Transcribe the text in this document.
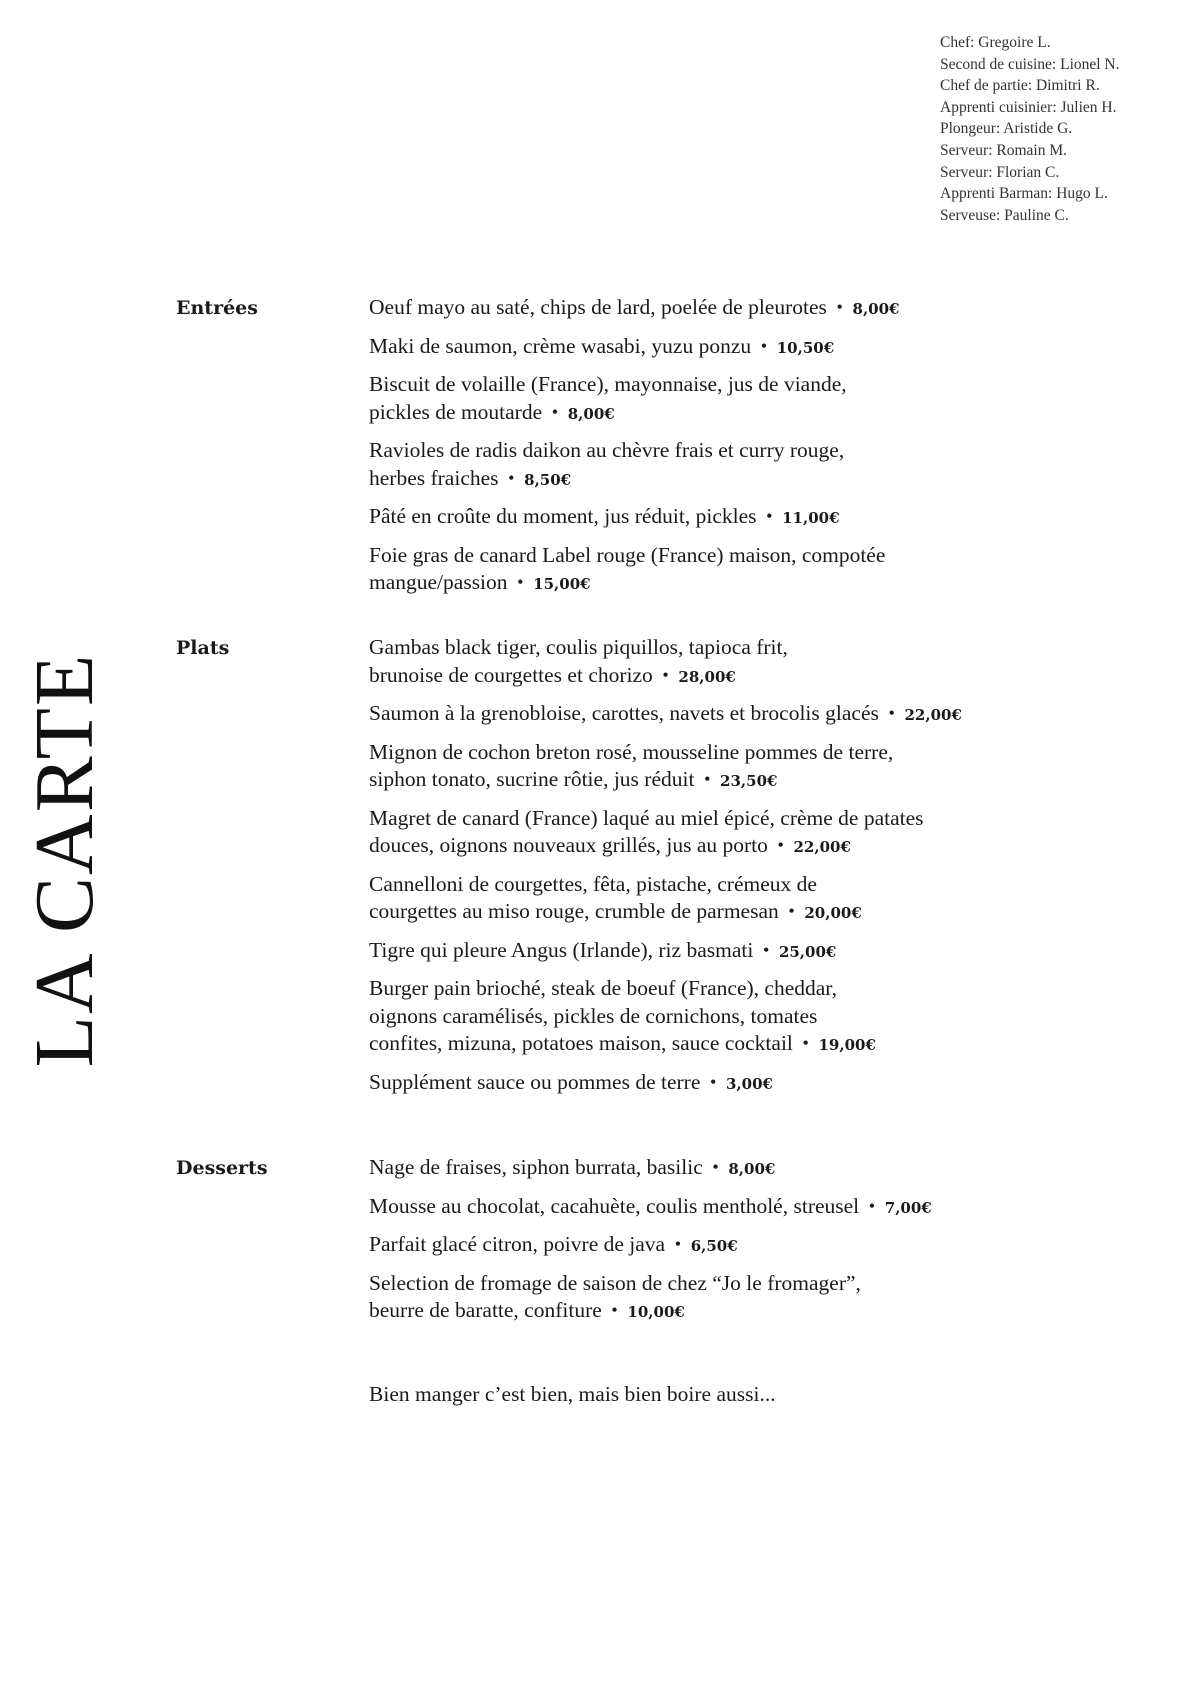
Chef: Gregoire L.
Second de cuisine: Lionel N.
Chef de partie: Dimitri R.
Apprenti cuisinier: Julien H.
Plongeur: Aristide G.
Serveur: Romain M.
Serveur: Florian C.
Apprenti Barman: Hugo L.
Serveuse: Pauline C.
LA CARTE
Entrées	Oeuf mayo au saté, chips de lard, poelée de pleurotes • 8,00€
Maki de saumon, crème wasabi, yuzu ponzu • 10,50€
Biscuit de volaille (France), mayonnaise, jus de viande,
pickles de moutarde • 8,00€
Ravioles de radis daikon au chèvre frais et curry rouge,
herbes fraiches • 8,50€
Pâté en croûte du moment, jus réduit, pickles • 11,00€
Foie gras de canard Label rouge (France) maison, compotée
mangue/passion • 15,00€
Plats	Gambas black tiger, coulis piquillos, tapioca frit,
brunoise de courgettes et chorizo • 28,00€
Saumon à la grenobloise, carottes, navets et brocolis glacés • 22,00€
Mignon de cochon breton rosé, mousseline pommes de terre,
siphon tonato, sucrine rôtie, jus réduit • 23,50€
Magret de canard (France) laqué au miel épicé, crème de patates
douces, oignons nouveaux grillés, jus au porto • 22,00€
Cannelloni de courgettes, fêta, pistache, crémeux de
courgettes au miso rouge, crumble de parmesan • 20,00€
Tigre qui pleure Angus (Irlande), riz basmati • 25,00€
Burger pain brioché, steak de boeuf (France), cheddar,
oignons caramélisés, pickles de cornichons, tomates
confites, mizuna, potatoes maison, sauce cocktail • 19,00€
Supplément sauce ou pommes de terre • 3,00€
Desserts	Nage de fraises, siphon burrata, basilic • 8,00€
Mousse au chocolat, cacahuète, coulis mentholé, streusel • 7,00€
Parfait glacé citron, poivre de java • 6,50€
Selection de fromage de saison de chez “Jo le fromager”,
beurre de baratte, confiture • 10,00€
Bien manger c’est bien, mais bien boire aussi...
